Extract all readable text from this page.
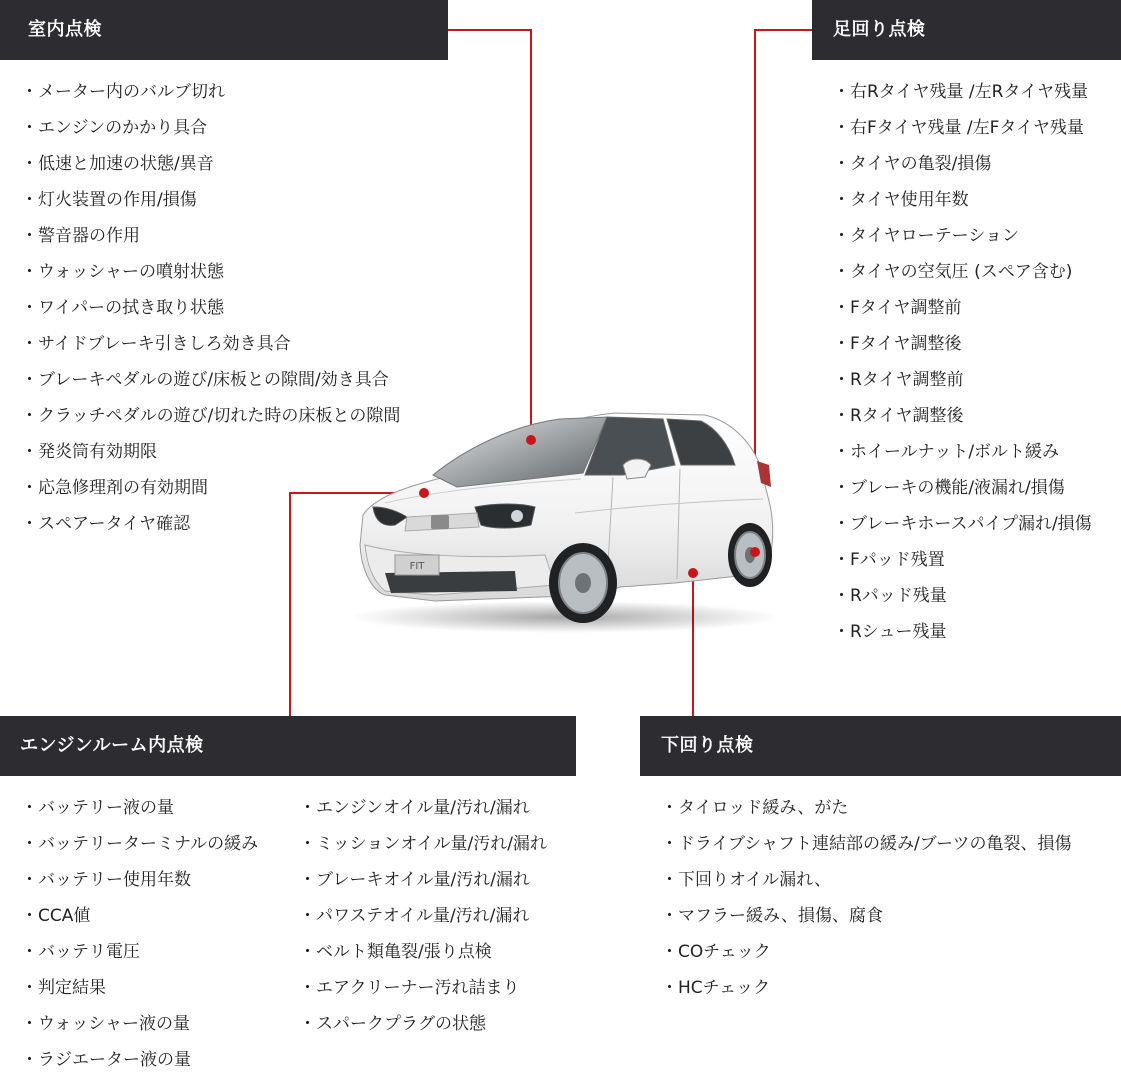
FIT
室内点検	足回り点検
エンジンルーム内点検	下回り点検
・ メーター内のバルブ切れ
・ エンジンのかかり具合
・ 低速と加速の状態/異音
・ 灯火装置の作用/損傷
・ 警音器の作用
・ ウォッシャーの噴射状態
・ ワイパーの拭き取り状態
・ サイドブレーキ引きしろ効き具合
・ ブレーキペダルの遊び/床板との隙間/効き具合
・ クラッチペダルの遊び/切れた時の床板との隙間
・ 発炎筒有効期限
・ 応急修理剤の有効期間
・ スペアータイヤ確認
・ 右Rタイヤ残量 /左Rタイヤ残量
・ 右Fタイヤ残量 /左Fタイヤ残量
・ タイヤの亀裂/損傷
・ タイヤ使用年数
・ タイヤローテーション
・ タイヤの空気圧 (スペア含む)
・ Fタイヤ調整前
・ Fタイヤ調整後
・ Rタイヤ調整前
・ Rタイヤ調整後
・ ホイールナット/ボルト緩み
・ ブレーキの機能/液漏れ/損傷
・ ブレーキホースパイプ漏れ/損傷
・ Fパッド残置
・ Rパッド残量
・ Rシュー残量
・ バッテリー液の量
・ バッテリーターミナルの緩み
・ バッテリー使用年数
・ CCA値
・ バッテリ電圧
・ 判定結果
・ ウォッシャー液の量
・ ラジエーター液の量
・ エンジンオイル量/汚れ/漏れ
・ ミッションオイル量/汚れ/漏れ
・ ブレーキオイル量/汚れ/漏れ
・ パワステオイル量/汚れ/漏れ
・ ベルト類亀裂/張り点検
・ エアクリーナー汚れ詰まり
・ スパークプラグの状態
・ タイロッド緩み、がた
・ ドライブシャフト連結部の緩み/ブーツの亀裂、損傷
・ 下回りオイル漏れ、
・ マフラー緩み、損傷、腐食
・ COチェック
・ HCチェック
